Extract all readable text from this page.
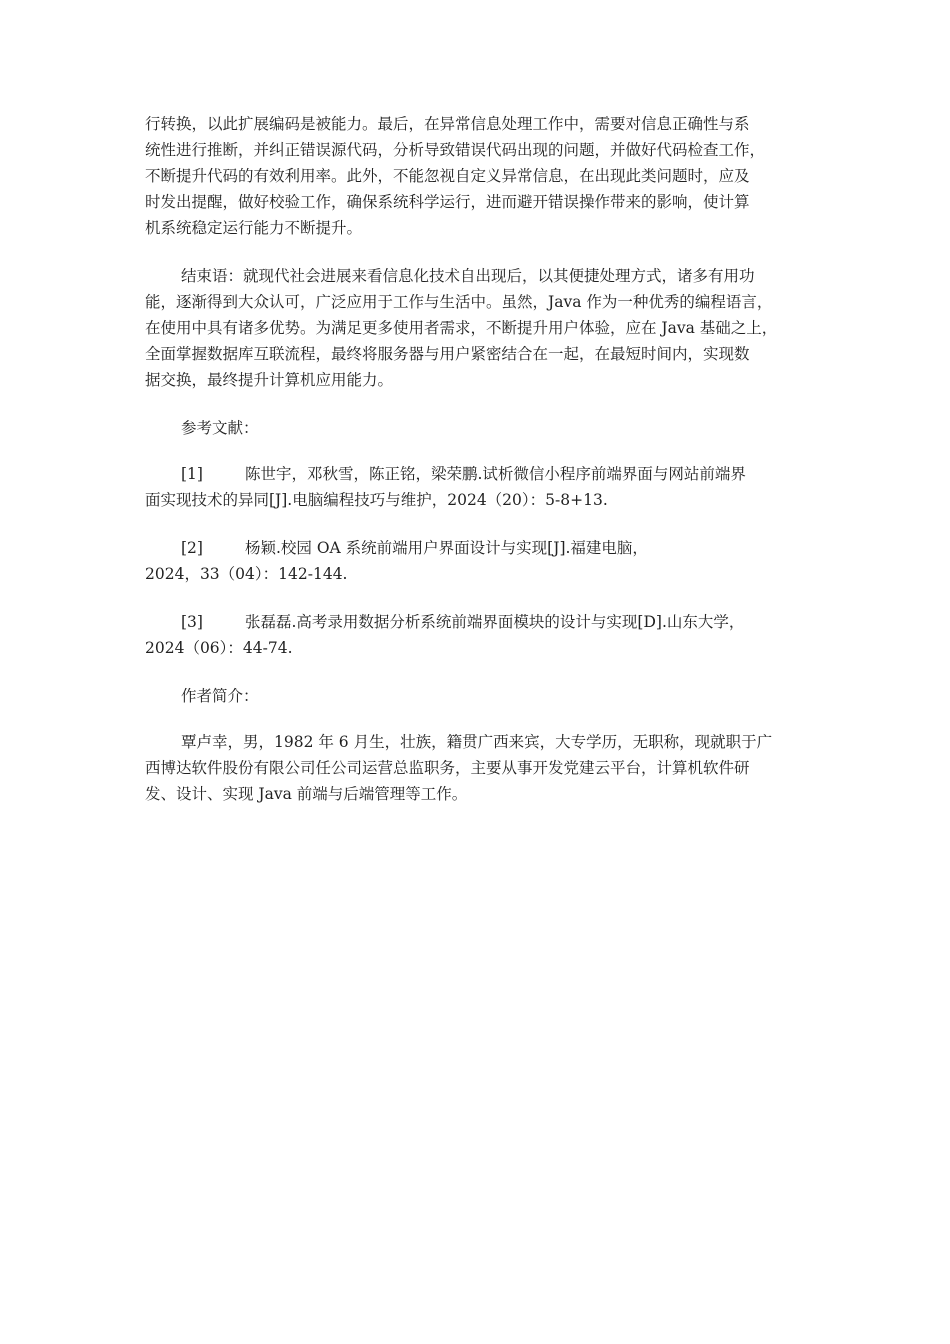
行转换，以此扩展编码是被能力。最后，在异常信息处理工作中，需要对信息正确性与系
统性进行推断，并纠正错误源代码，分析导致错误代码出现的问题，并做好代码检查工作，
不断提升代码的有效利用率。此外，不能忽视自定义异常信息，在出现此类问题时，应及
时发出提醒，做好校验工作，确保系统科学运行，进而避开错误操作带来的影响，使计算
机系统稳定运行能力不断提升。
结束语：就现代社会进展来看信息化技术自出现后，以其便捷处理方式，诸多有用功
能，逐渐得到大众认可，广泛应用于工作与生活中。虽然，Java 作为一种优秀的编程语言，
在使用中具有诸多优势。为满足更多使用者需求，不断提升用户体验，应在 Java 基础之上，
全面掌握数据库互联流程，最终将服务器与用户紧密结合在一起，在最短时间内，实现数
据交换，最终提升计算机应用能力。
参考文献：
[1]	陈世宇，邓秋雪，陈正铭，梁荣鹏.试析微信小程序前端界面与网站前端界
面实现技术的异同[J].电脑编程技巧与维护，2024（20）：5-8+13.
[2]	杨颖.校园 OA 系统前端用户界面设计与实现[J].福建电脑，
2024，33（04）：142-144.
[3]	张磊磊.高考录用数据分析系统前端界面模块的设计与实现[D].山东大学，
2024（06）：44-74.
作者简介：
覃卢幸，男，1982 年 6 月生，壮族，籍贯广西来宾，大专学历，无职称，现就职于广
西博达软件股份有限公司任公司运营总监职务，主要从事开发党建云平台，计算机软件研
发、设计、实现 Java 前端与后端管理等工作。
